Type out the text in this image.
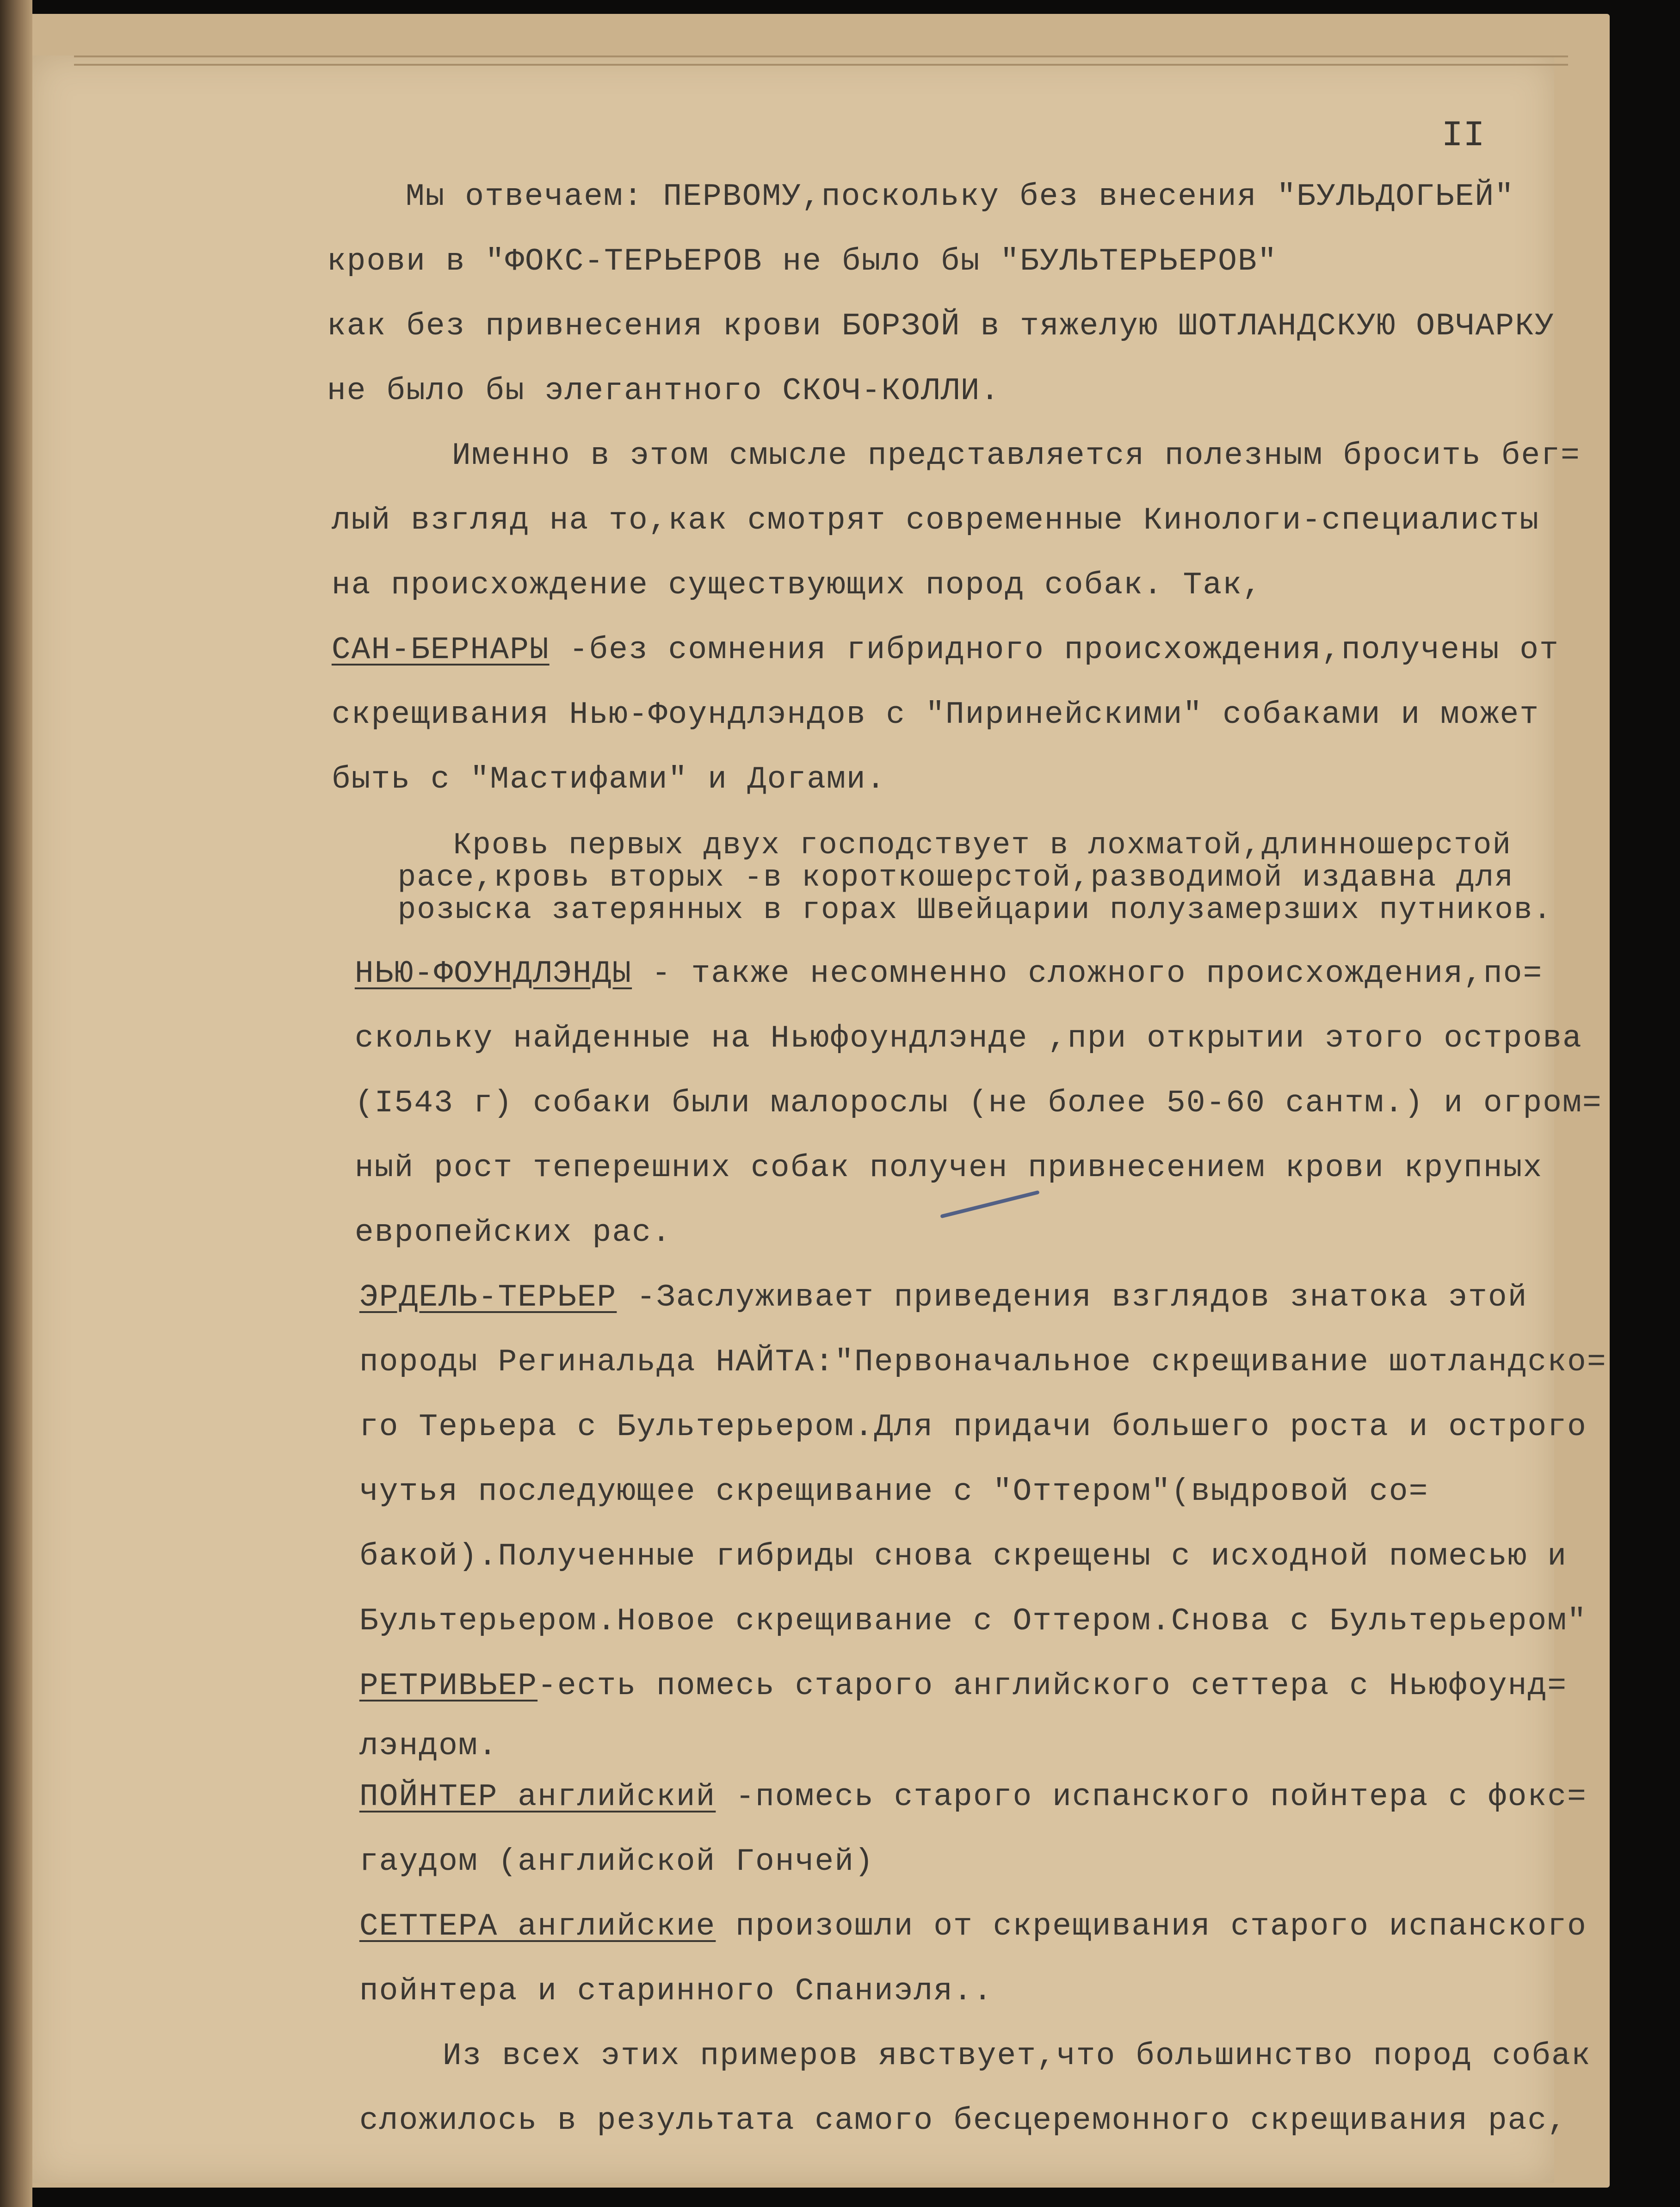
II

Мы отвечаем: ПЕРВОМУ,поскольку без внесения "БУЛЬДОГЬЕЙ"

крови в "ФОКС-ТЕРЬЕРОВ не было бы "БУЛЬТЕРЬЕРОВ"

как без привнесения крови БОРЗОЙ в тяжелую ШОТЛАНДСКУЮ ОВЧАРКУ

не было бы элегантного СКОЧ-КОЛЛИ.

Именно в этом смысле представляется полезным бросить бег=

лый взгляд на то,как смотрят современные Кинологи-специалисты

на происхождение существующих пород собак. Так,

САН-БЕРНАРЫ -без сомнения гибридного происхождения,получены от

скрещивания Нью-Фоундлэндов с "Пиринейскими" собаками и может

быть с "Мастифами" и Догами.

Кровь первых двух господствует в лохматой,длинношерстой

расе,кровь вторых -в короткошерстой,разводимой издавна для

розыска затерянных в горах Швейцарии полузамерзших путников.

НЬЮ-ФОУНДЛЭНДЫ - также несомненно сложного происхождения,по=

скольку найденные на Ньюфоундлэнде ,при открытии этого острова

(I543 г) собаки были малорослы (не более 50-60 сантм.) и огром=

ный рост теперешних собак получен привнесением крови крупных

европейских рас.

ЭРДЕЛЬ-ТЕРЬЕР -Заслуживает приведения взглядов знатока этой

породы Регинальда НАЙТА:"Первоначальное скрещивание шотландско=

го Терьера с Бультерьером.Для придачи большего роста и острого

чутья последующее скрещивание с "Оттером"(выдровой со=

бакой).Полученные гибриды снова скрещены с исходной помесью и

Бультерьером.Новое скрещивание с Оттером.Снова с Бультерьером"

РЕТРИВЬЕР-есть помесь старого английского сеттера с Ньюфоунд=

лэндом.

ПОЙНТЕР английский -помесь старого испанского пойнтера с фокс=

гаудом (английской Гончей)

СЕТТЕРА английские произошли от скрещивания старого испанского

пойнтера и старинного Спаниэля..

Из всех этих примеров явствует,что большинство пород собак

сложилось в результата самого бесцеремонного скрещивания рас,
